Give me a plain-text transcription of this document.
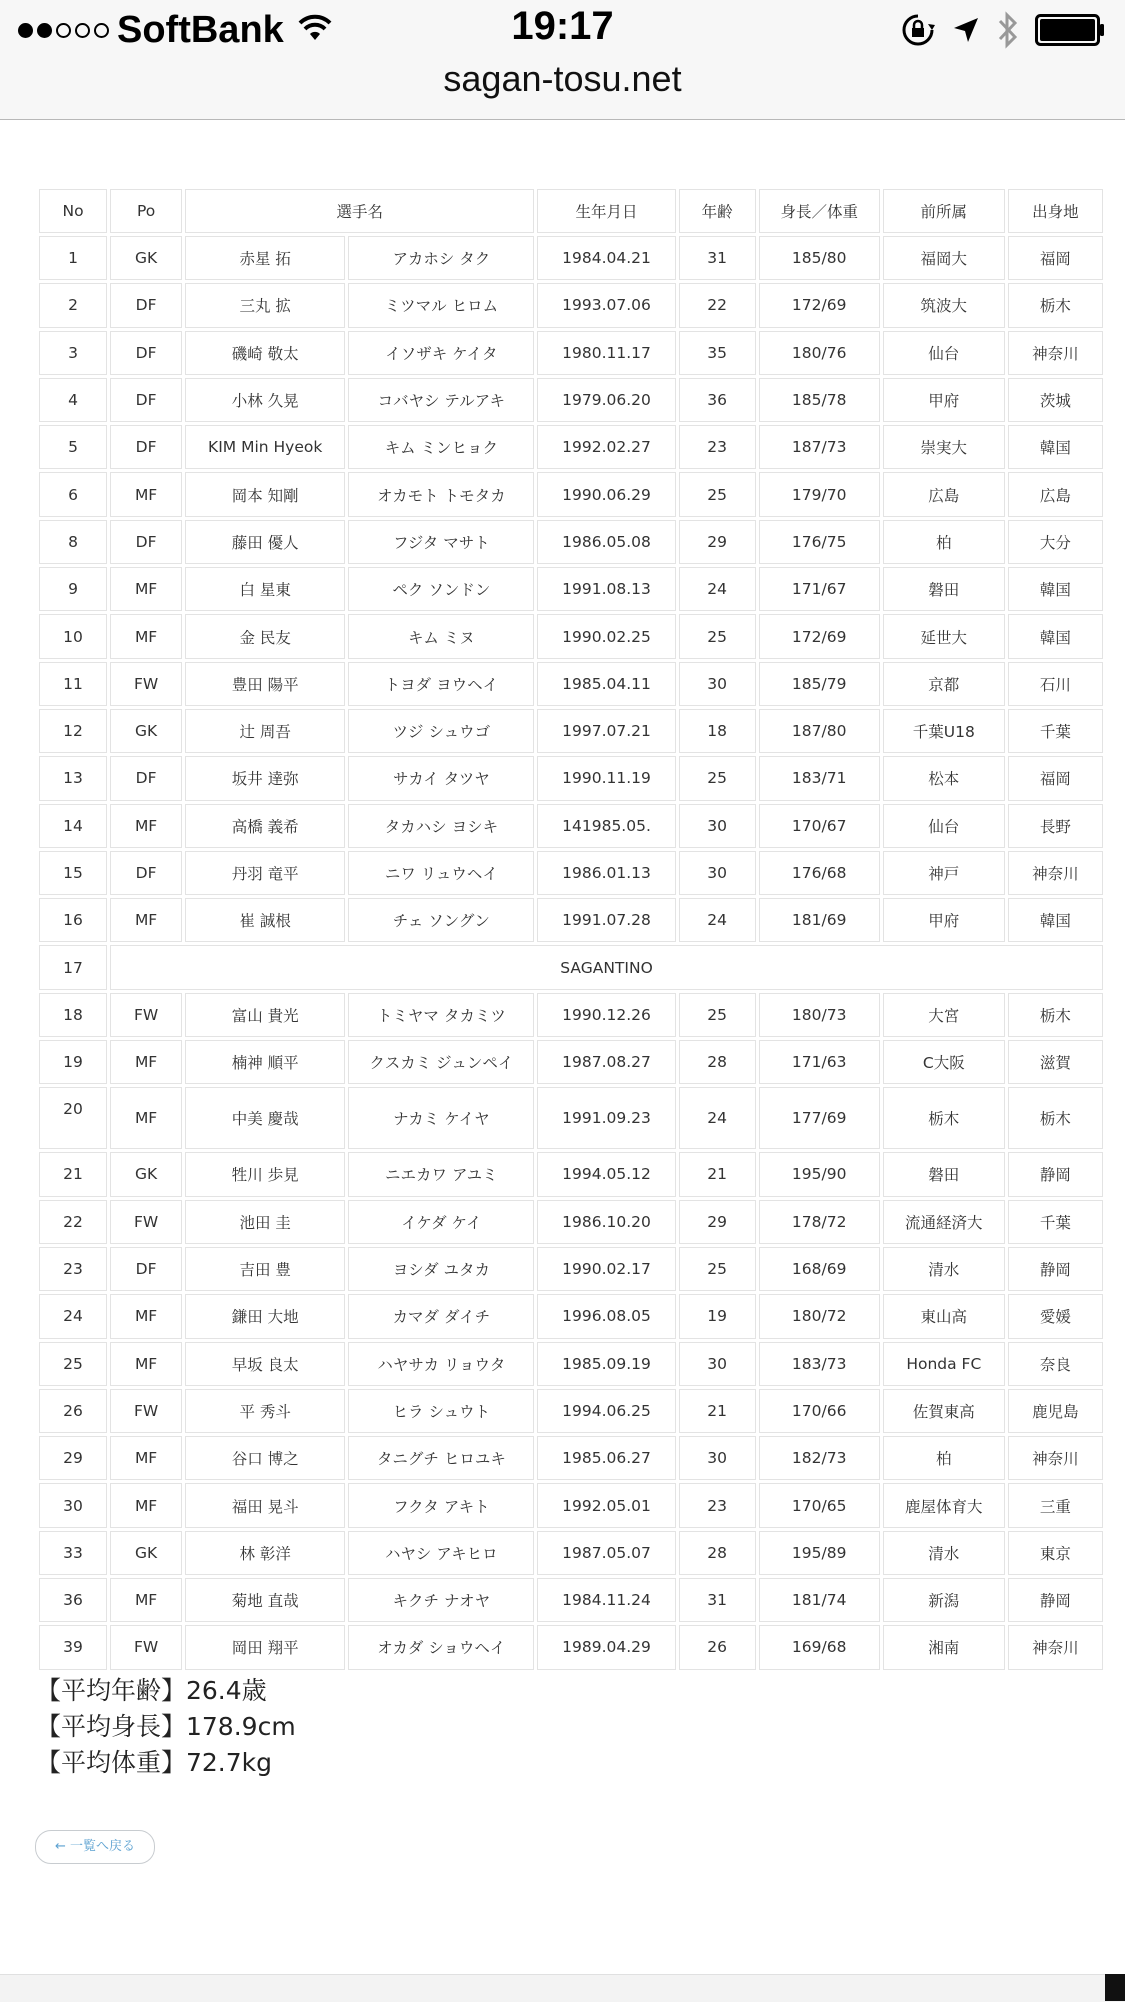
SoftBank	19:17
sagan-tosu.net
No	Po	選手名		生年月日	年齢	身長／体重	前所属	出身地
1	GK	赤星 拓	アカホシ タク	1984.04.21	31	185/80	福岡大	福岡
2	DF	三丸 拡	ミツマル ヒロム	1993.07.06	22	172/69	筑波大	栃木
3	DF	磯崎 敬太	イソザキ ケイタ	1980.11.17	35	180/76	仙台	神奈川
4	DF	小林 久晃	コバヤシ テルアキ	1979.06.20	36	185/78	甲府	茨城
5	DF	KIM Min Hyeok	キム ミンヒョク	1992.02.27	23	187/73	崇実大	韓国
6	MF	岡本 知剛	オカモト トモタカ	1990.06.29	25	179/70	広島	広島
8	DF	藤田 優人	フジタ マサト	1986.05.08	29	176/75	柏	大分
9	MF	白 星東	ペク ソンドン	1991.08.13	24	171/67	磐田	韓国
10	MF	金 民友	キム ミヌ	1990.02.25	25	172/69	延世大	韓国
11	FW	豊田 陽平	トヨダ ヨウヘイ	1985.04.11	30	185/79	京都	石川
12	GK	辻 周吾	ツジ シュウゴ	1997.07.21	18	187/80	千葉U18	千葉
13	DF	坂井 達弥	サカイ タツヤ	1990.11.19	25	183/71	松本	福岡
14	MF	高橋 義希	タカハシ ヨシキ	141985.05.	30	170/67	仙台	長野
15	DF	丹羽 竜平	ニワ リュウヘイ	1986.01.13	30	176/68	神戸	神奈川
16	MF	崔 誠根	チェ ソングン	1991.07.28	24	181/69	甲府	韓国
17	SAGANTINO							
18	FW	富山 貴光	トミヤマ タカミツ	1990.12.26	25	180/73	大宮	栃木
19	MF	楠神 順平	クスカミ ジュンペイ	1987.08.27	28	171/63	C大阪	滋賀
20	MF	中美 慶哉	ナカミ ケイヤ	1991.09.23	24	177/69	栃木	栃木
21	GK	牲川 歩見	ニエカワ アユミ	1994.05.12	21	195/90	磐田	静岡
22	FW	池田 圭	イケダ ケイ	1986.10.20	29	178/72	流通経済大	千葉
23	DF	吉田 豊	ヨシダ ユタカ	1990.02.17	25	168/69	清水	静岡
24	MF	鎌田 大地	カマダ ダイチ	1996.08.05	19	180/72	東山高	愛媛
25	MF	早坂 良太	ハヤサカ リョウタ	1985.09.19	30	183/73	Honda FC	奈良
26	FW	平 秀斗	ヒラ シュウト	1994.06.25	21	170/66	佐賀東高	鹿児島
29	MF	谷口 博之	タニグチ ヒロユキ	1985.06.27	30	182/73	柏	神奈川
30	MF	福田 晃斗	フクタ アキト	1992.05.01	23	170/65	鹿屋体育大	三重
33	GK	林 彰洋	ハヤシ アキヒロ	1987.05.07	28	195/89	清水	東京
36	MF	菊地 直哉	キクチ ナオヤ	1984.11.24	31	181/74	新潟	静岡
39	FW	岡田 翔平	オカダ ショウヘイ	1989.04.29	26	169/68	湘南	神奈川
【平均年齢】26.4歳
【平均身長】178.9cm
【平均体重】72.7kg
← 一覧へ戻る
